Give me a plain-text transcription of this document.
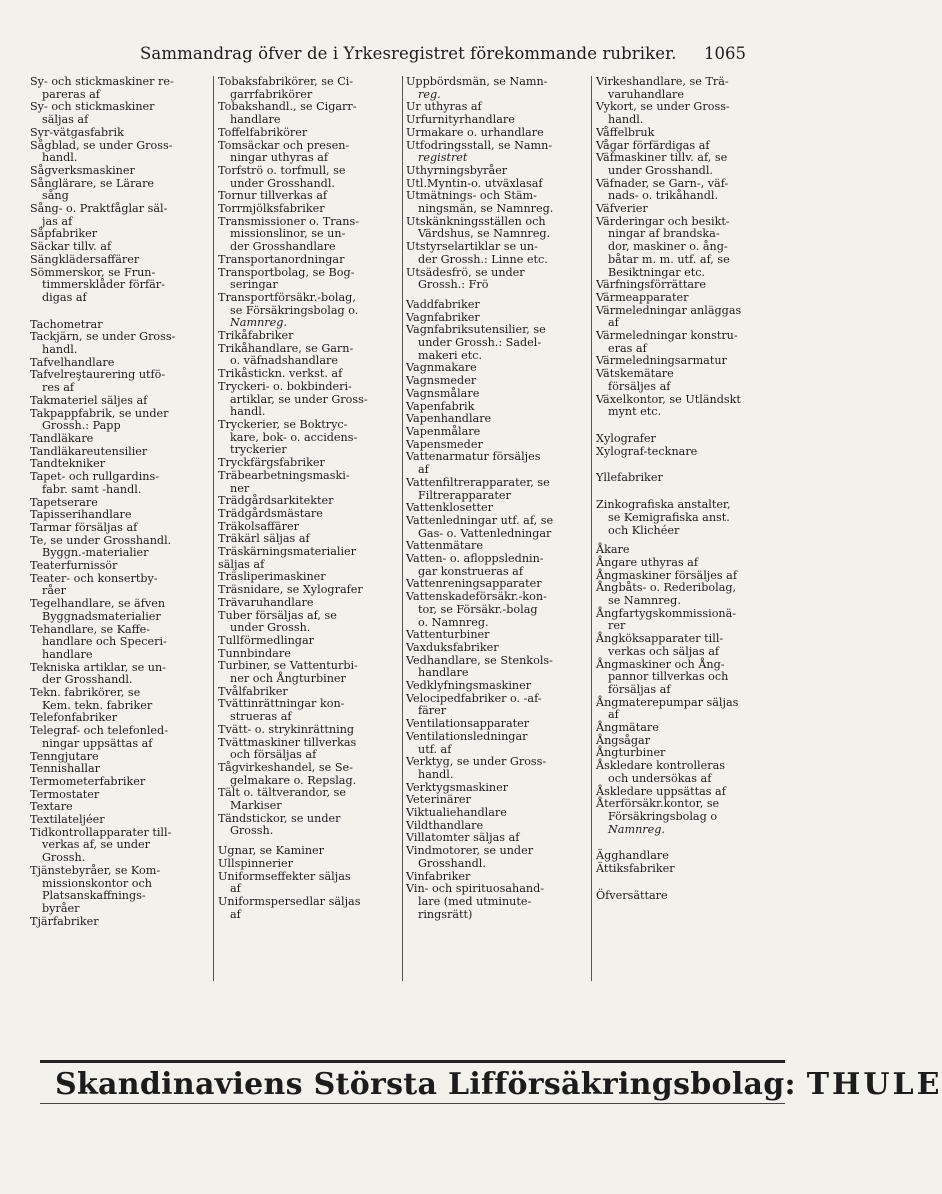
Sammandrag öfver de i Yrkesregistret förekommande rubriker. 1065
Sy- och stickmaskiner re-
pareras af
Sy- och stickmaskiner
säljas af
Syr-vätgasfabrik
Sågblad, se under Gross-
handl.
Sågverksmaskiner
Sånglärare, se Lärare
sång
Sång- o. Praktfåglar säl-
jas af
Såpfabriker
Säckar tillv. af
Sängklädersaffärer
Sömmerskor, se Frun-
timmersklåder förfär-
digas af
Tachometrar
Tackjärn, se under Gross-
handl.
Tafvelhandlare
Tafvelreştaurering utfö-
res af
Takmateriel säljes af
Takpappfabrik, se under
Grossh.: Papp
Tandläkare
Tandläkareutensilier
Tandtekniker
Tapet- och rullgardins-
fabr. samt -handl.
Tapetserare
Tapisserihandlare
Tarmar försäljas af
Te, se under Grosshandl.
Byggn.-materialier
Teaterfurnissör
Teater- och konsertby-
råer
Tegelhandlare, se äfven
Byggnadsmaterialier
Tehandlare, se Kaffe-
handlare och Speceri-
handlare
Tekniska artiklar, se un-
der Grosshandl.
Tekn. fabrikörer, se
Kem. tekn. fabriker
Telefonfabriker
Telegraf- och telefonled-
ningar uppsättas af
Tenngjutare
Tennishallar
Termometerfabriker
Termostater
Textare
Textilateljéer
Tidkontrollapparater till-
verkas af, se under
Grossh.
Tjänstebyråer, se Kom-
missionskontor och
Platsanskaffnings-
byråer
Tjärfabriker
Tobaksfabrikörer, se Ci-
garrfabrikörer
Tobakshandl., se Cigarr-
handlare
Toffelfabrikörer
Tomsäckar och presen-
ningar uthyras af
Torfströ o. torfmull, se
under Grosshandl.
Tornur tillverkas af
Torrmjölksfabriker
Transmissioner o. Trans-
missionslinor, se un-
der Grosshandlare
Transportanordningar
Transportbolag, se Bog-
seringar
Transportförsäkr.-bolag,
se Försäkringsbolag o.
Namnreg.
Trikåfabriker
Trikåhandlare, se Garn-
o. väfnadshandlare
Trikåstickn. verkst. af
Tryckeri- o. bokbinderi-
artiklar, se under Gross-
handl.
Tryckerier, se Boktryc-
kare, bok- o. accidens-
tryckerier
Tryckfärgsfabriker
Träbearbetningsmaski-
ner
Trädgårdsarkitekter
Trädgårdsmästare
Träkolsaffärer
Träkärl säljas af
Träskärningsmaterialier
säljas af
Träsliperimaskiner
Träsnidare, se Xylografer
Trävaruhandlare
Tuber försäljas af, se
under Grossh.
Tullförmedlingar
Tunnbindare
Turbiner, se Vattenturbi-
ner och Ångturbiner
Tvålfabriker
Tvättinrättningar kon-
strueras af
Tvätt- o. strykinrättning
Tvättmaskiner tillverkas
och försäljas af
Tågvirkeshandel, se Se-
gelmakare o. Repslag.
Tält o. tältverandor, se
Markiser
Tändstickor, se under
Grossh.
Ugnar, se Kaminer
Ullspinnerier
Uniformseffekter säljas
af
Uniformspersedlar säljas
af
Uppbördsmän, se Namn-
reg.
Ur uthyras af
Urfurnityrhandlare
Urmakare o. urhandlare
Utfodringsstall, se Namn-
registret
Uthyrningsbyråer
Utl.Myntin-o. utväxlasaf
Utmätnings- och Stäm-
ningsmän, se Namnreg.
Utskänkningsställen och
Värdshus, se Namnreg.
Utstyrselartiklar se un-
der Grossh.: Linne etc.
Utsädesfrö, se under
Grossh.: Frö
Vaddfabriker
Vagnfabriker
Vagnfabriksutensilier, se
under Grossh.: Sadel-
makeri etc.
Vagnmakare
Vagnsmeder
Vagnsmålare
Vapenfabrik
Vapenhandlare
Vapenmålare
Vapensmeder
Vattenarmatur försäljes
af
Vattenfiltrerapparater, se
Filtrerapparater
Vattenklosetter
Vattenledningar utf. af, se
Gas- o. Vattenledningar
Vattenmätare
Vatten- o. afloppslednin-
gar konstrueras af
Vattenreningsapparater
Vattenskadeförsäkr.-kon-
tor, se Försäkr.-bolag
o. Namnreg.
Vattenturbiner
Vaxduksfabriker
Vedhandlare, se Stenkols-
handlare
Vedklyfningsmaskiner
Velocipedfabriker o. -af-
färer
Ventilationsapparater
Ventilationsledningar
utf. af
Verktyg, se under Gross-
handl.
Verktygsmaskiner
Veterinärer
Viktualiehandlare
Vildthandlare
Villatomter säljas af
Vindmotorer, se under
Grosshandl.
Vinfabriker
Vin- och spirituosahand-
lare (med utminute-
ringsrätt)
Virkeshandlare, se Trä-
varuhandlare
Vykort, se under Gross-
handl.
Våffelbruk
Vågar förfärdigas af
Väfmaskiner tillv. af, se
under Grosshandl.
Väfnader, se Garn-, väf-
nads- o. trikåhandl.
Väfverier
Värderingar och besikt-
ningar af brandska-
dor, maskiner o. ång-
båtar m. m. utf. af, se
Besiktningar etc.
Värfningsförrättare
Värmeapparater
Värmeledningar anläggas
af
Värmeledningar konstru-
eras af
Värmeledningsarmatur
Vätskemätare
försäljes af
Växelkontor, se Utländskt
mynt etc.
Xylografer
Xylograf-tecknare
Yllefabriker
Zinkografiska anstalter,
se Kemigrafiska anst.
och Klichéer
Åkare
Ångare uthyras af
Ångmaskiner försäljes af
Ångbåts- o. Rederibolag,
se Namnreg.
Ångfartygskommissionä-
rer
Ångköksapparater till-
verkas och säljas af
Ångmaskiner och Ång-
pannor tillverkas och
försäljas af
Ångmaterepumpar säljas
af
Ångmätare
Ångsågar
Ångturbiner
Åskledare kontrolleras
och undersökas af
Åskledare uppsättas af
Återförsäkr.kontor, se
Försäkringsbolag o
Namnreg.
Ägghandlare
Ättiksfabriker
Öfversättare
Skandinaviens Största Lifförsäkringsbolag: THULE
